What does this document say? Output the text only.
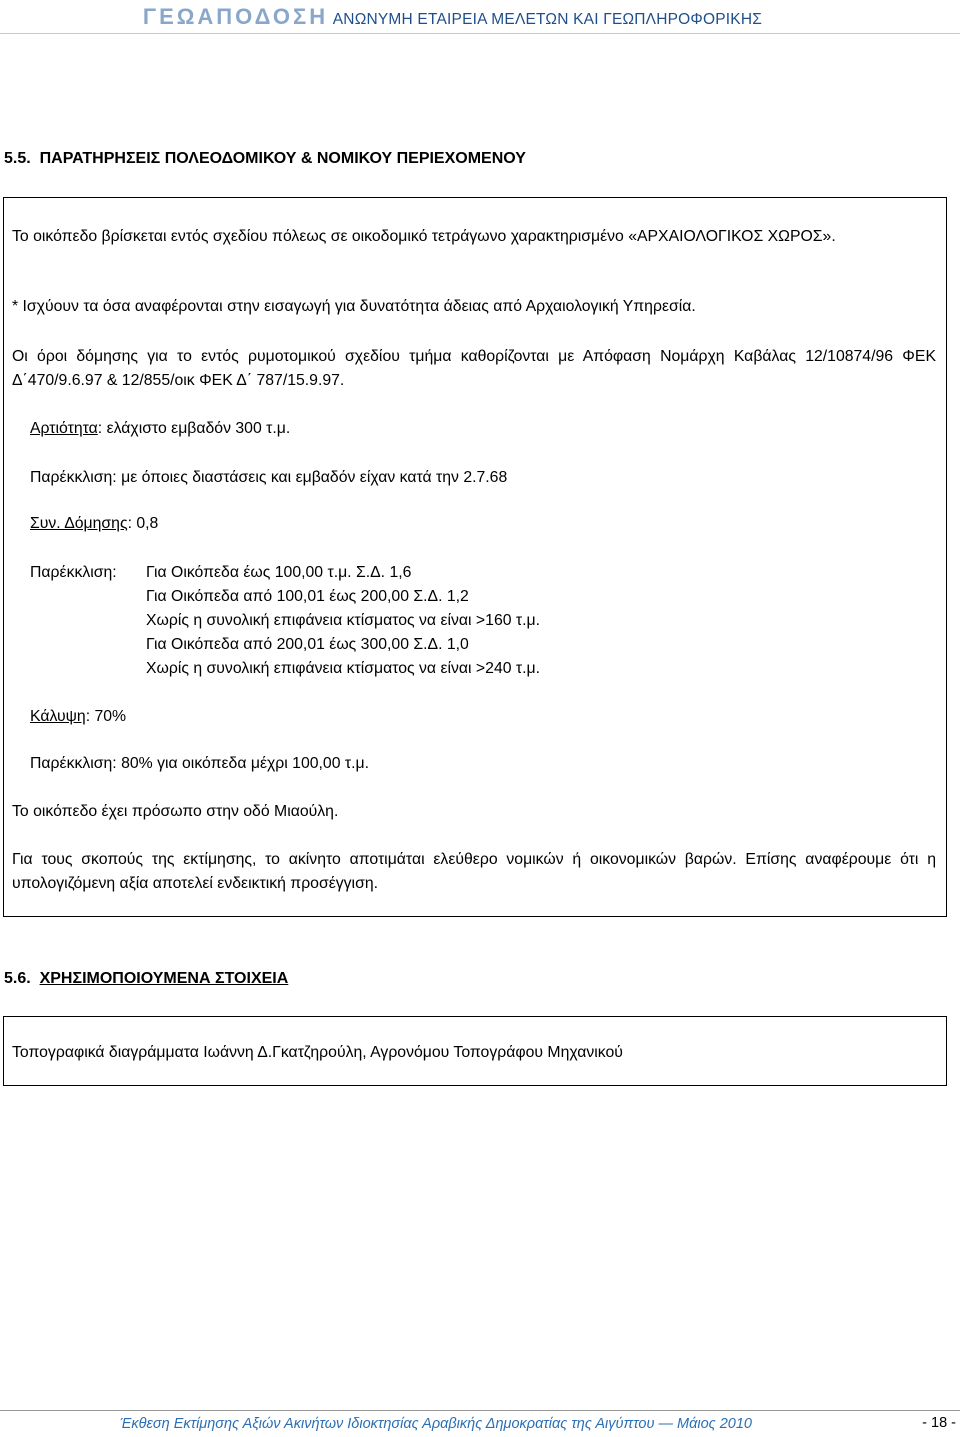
ΓΕΩΑΠΟΔΟΣΗ ΑΝΩΝΥΜΗ ΕΤΑΙΡΕΙΑ ΜΕΛΕΤΩΝ ΚΑΙ ΓΕΩΠΛΗΡΟΦΟΡΙΚΗΣ
5.5. ΠΑΡΑΤΗΡΗΣΕΙΣ ΠΟΛΕΟΔΟΜΙΚΟΥ & ΝΟΜΙΚΟΥ ΠΕΡΙΕΧΟΜΕΝΟΥ

Το οικόπεδο βρίσκεται εντός σχεδίου πόλεως σε οικοδομικό τετράγωνο χαρακτηρισμένο «ΑΡΧΑΙΟΛΟΓΙΚΟΣ ΧΩΡΟΣ».

* Ισχύουν τα όσα αναφέρονται στην εισαγωγή για δυνατότητα άδειας από Αρχαιολογική Υπηρεσία.

Οι όροι δόμησης για το εντός ρυμοτομικού σχεδίου τμήμα καθορίζονται με Απόφαση Νομάρχη Καβάλας 12/10874/96 ΦΕΚ Δ΄470/9.6.97 & 12/855/οικ ΦΕΚ Δ΄ 787/15.9.97.

Αρτιότητα: ελάχιστο εμβαδόν 300 τ.μ.

Παρέκκλιση: με όποιες διαστάσεις και εμβαδόν είχαν κατά την 2.7.68

Συν. Δόμησης: 0,8

Παρέκκλιση: Για Οικόπεδα έως 100,00 τ.μ. Σ.Δ. 1,6

Για Οικόπεδα από 100,01 έως 200,00 Σ.Δ. 1,2

Χωρίς η συνολική επιφάνεια κτίσματος να είναι >160 τ.μ.

Για Οικόπεδα από 200,01 έως 300,00 Σ.Δ. 1,0

Χωρίς η συνολική επιφάνεια κτίσματος να είναι >240 τ.μ.

Κάλυψη: 70%

Παρέκκλιση: 80% για οικόπεδα μέχρι 100,00 τ.μ.

Το οικόπεδο έχει πρόσωπο στην οδό Μιαούλη.

Για τους σκοπούς της εκτίμησης, το ακίνητο αποτιμάται ελεύθερο νομικών ή οικονομικών βαρών. Επίσης αναφέρουμε ότι η υπολογιζόμενη αξία αποτελεί ενδεικτική προσέγγιση.

5.6. ΧΡΗΣΙΜΟΠΟΙΟΥΜΕΝΑ ΣΤΟΙΧΕΙΑ

Τοπογραφικά διαγράμματα Ιωάννη Δ.Γκατζηρούλη, Αγρονόμου Τοπογράφου Μηχανικού

Έκθεση Εκτίμησης Αξιών Ακινήτων Ιδιοκτησίας Αραβικής Δημοκρατίας της Αιγύπτου — Μάιος 2010	- 18 -
